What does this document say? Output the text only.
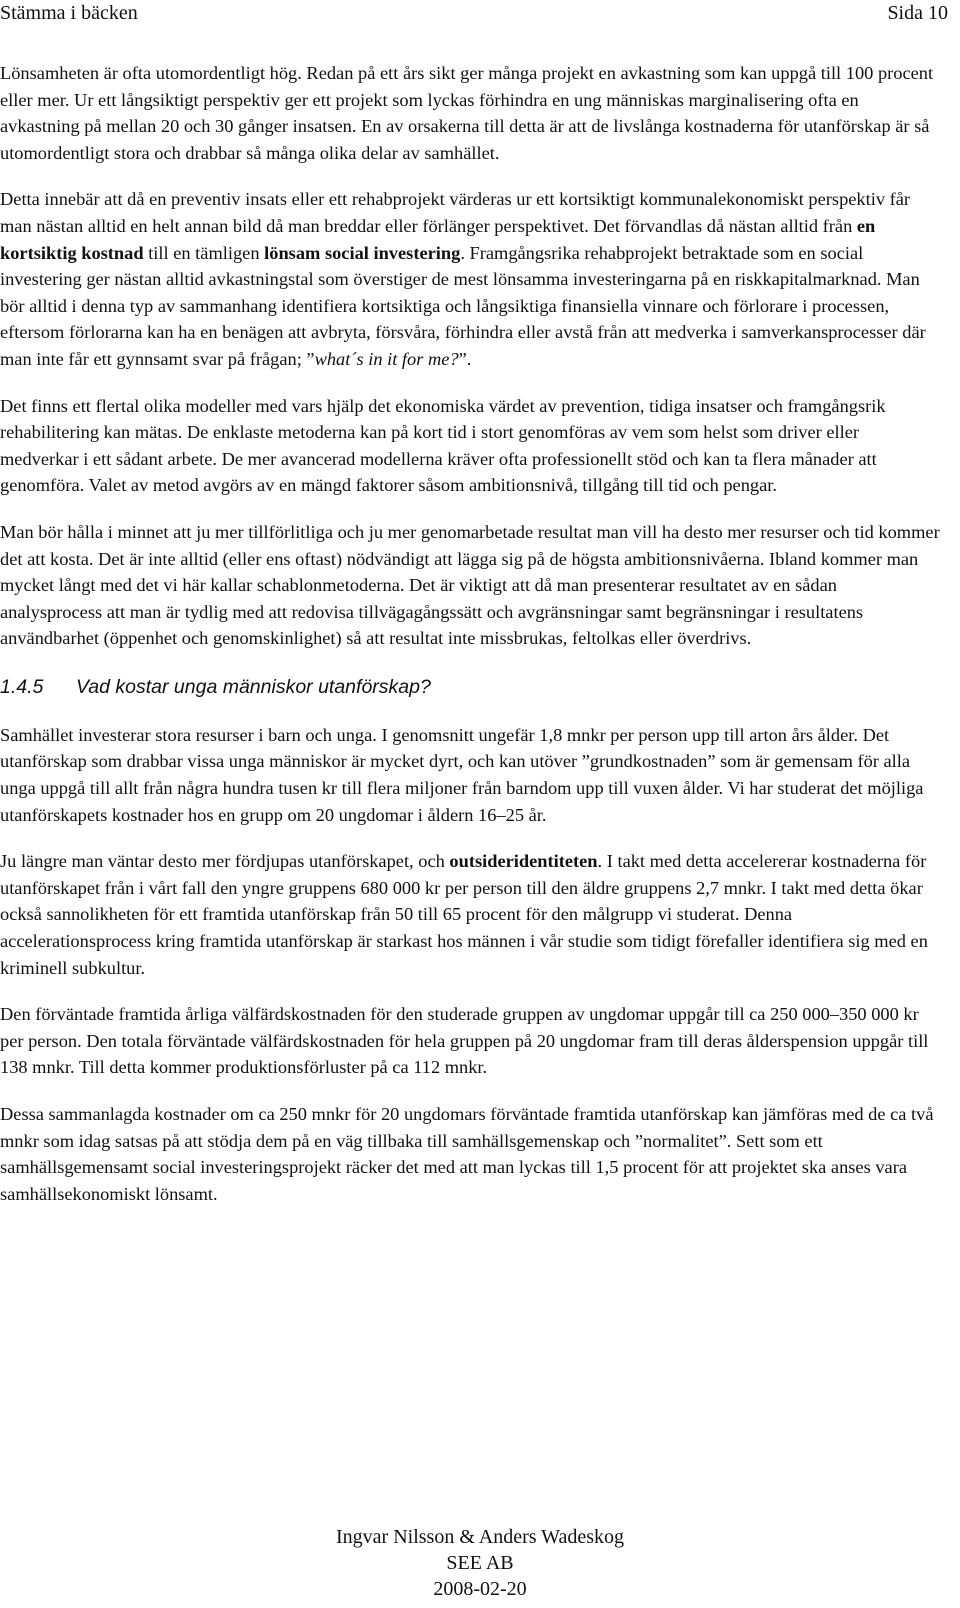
Stämma i bäcken	Sida 10

Lönsamheten är ofta utomordentligt hög. Redan på ett års sikt ger många projekt en avkastning som kan uppgå till 100 procent eller mer. Ur ett långsiktigt perspektiv ger ett projekt som lyckas förhindra en ung människas marginalisering ofta en avkastning på mellan 20 och 30 gånger insatsen. En av orsakerna till detta är att de livslånga kostnaderna för utanförskap är så utomordentligt stora och drabbar så många olika delar av samhället.

Detta innebär att då en preventiv insats eller ett rehabprojekt värderas ur ett kortsiktigt kommunalekonomiskt perspektiv får man nästan alltid en helt annan bild då man breddar eller förlänger perspektivet. Det förvandlas då nästan alltid från en kortsiktig kostnad till en tämligen lönsam social investering. Framgångsrika rehabprojekt betraktade som en social investering ger nästan alltid avkastningstal som överstiger de mest lönsamma investeringarna på en riskkapitalmarknad. Man bör alltid i denna typ av sammanhang identifiera kortsiktiga och långsiktiga finansiella vinnare och förlorare i processen, eftersom förlorarna kan ha en benägen att avbryta, försvåra, förhindra eller avstå från att medverka i samverkansprocesser där man inte får ett gynnsamt svar på frågan; ”what´s in it for me?”.

Det finns ett flertal olika modeller med vars hjälp det ekonomiska värdet av prevention, tidiga insatser och framgångsrik rehabilitering kan mätas. De enklaste metoderna kan på kort tid i stort genomföras av vem som helst som driver eller medverkar i ett sådant arbete. De mer avancerad modellerna kräver ofta professionellt stöd och kan ta flera månader att genomföra. Valet av metod avgörs av en mängd faktorer såsom ambitionsnivå, tillgång till tid och pengar.

Man bör hålla i minnet att ju mer tillförlitliga och ju mer genomarbetade resultat man vill ha desto mer resurser och tid kommer det att kosta. Det är inte alltid (eller ens oftast) nödvändigt att lägga sig på de högsta ambitionsnivåerna. Ibland kommer man mycket långt med det vi här kallar schablonmetoderna. Det är viktigt att då man presenterar resultatet av en sådan analysprocess att man är tydlig med att redovisa tillvägagångssätt och avgränsningar samt begränsningar i resultatens användbarhet (öppenhet och genomskinlighet) så att resultat inte missbrukas, feltolkas eller överdrivs.

1.4.5 Vad kostar unga människor utanförskap?

Samhället investerar stora resurser i barn och unga. I genomsnitt ungefär 1,8 mnkr per person upp till arton års ålder. Det utanförskap som drabbar vissa unga människor är mycket dyrt, och kan utöver ”grundkostnaden” som är gemensam för alla unga uppgå till allt från några hundra tusen kr till flera miljoner från barndom upp till vuxen ålder. Vi har studerat det möjliga utanförskapets kostnader hos en grupp om 20 ungdomar i åldern 16–25 år.

Ju längre man väntar desto mer fördjupas utanförskapet, och outsideridentiteten. I takt med detta accelererar kostnaderna för utanförskapet från i vårt fall den yngre gruppens 680 000 kr per person till den äldre gruppens 2,7 mnkr. I takt med detta ökar också sannolikheten för ett framtida utanförskap från 50 till 65 procent för den målgrupp vi studerat. Denna accelerationsprocess kring framtida utanförskap är starkast hos männen i vår studie som tidigt förefaller identifiera sig med en kriminell subkultur.

Den förväntade framtida årliga välfärdskostnaden för den studerade gruppen av ungdomar uppgår till ca 250 000–350 000 kr per person. Den totala förväntade välfärdskostnaden för hela gruppen på 20 ungdomar fram till deras ålderspension uppgår till 138 mnkr. Till detta kommer produktionsförluster på ca 112 mnkr.

Dessa sammanlagda kostnader om ca 250 mnkr för 20 ungdomars förväntade framtida utanförskap kan jämföras med de ca två mnkr som idag satsas på att stödja dem på en väg tillbaka till samhällsgemenskap och ”normalitet”. Sett som ett samhällsgemensamt social investeringsprojekt räcker det med att man lyckas till 1,5 procent för att projektet ska anses vara samhällsekonomiskt lönsamt.

Ingvar Nilsson & Anders Wadeskog
SEE AB
2008-02-20
